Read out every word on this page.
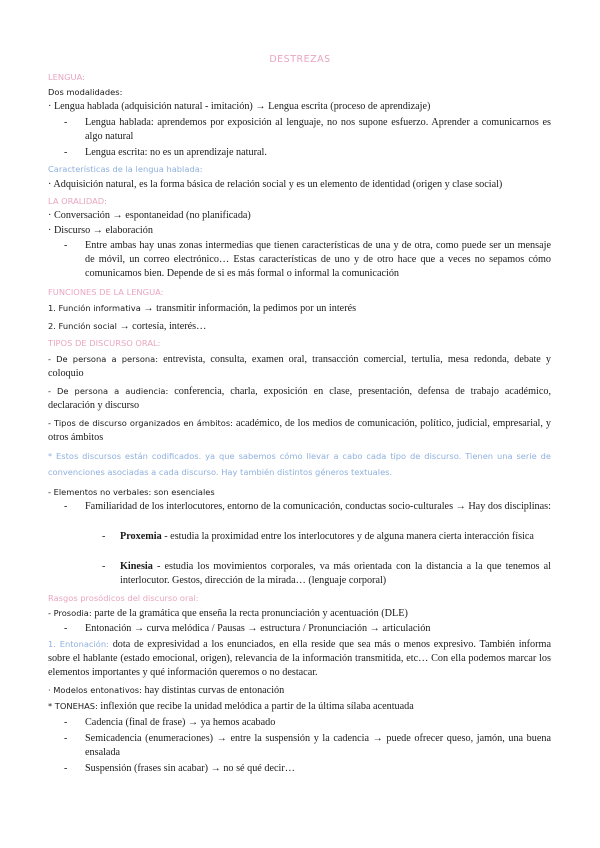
DESTREZAS
LENGUA:
Dos modalidades:
· Lengua hablada (adquisición natural - imitación) → Lengua escrita (proceso de aprendizaje)
- Lengua hablada: aprendemos por exposición al lenguaje, no nos supone esfuerzo. Aprender a comunicarnos es algo natural
- Lengua escrita: no es un aprendizaje natural.
Características de la lengua hablada:
· Adquisición natural, es la forma básica de relación social y es un elemento de identidad (origen y clase social)
LA ORALIDAD:
· Conversación → espontaneidad (no planificada)
· Discurso → elaboración
- Entre ambas hay unas zonas intermedias que tienen características de una y de otra, como puede ser un mensaje de móvil, un correo electrónico… Estas características de uno y de otro hace que a veces no sepamos cómo comunicamos bien. Depende de si es más formal o informal la comunicación
FUNCIONES DE LA LENGUA:
1. Función informativa → transmitir información, la pedimos por un interés
2. Función social → cortesía, interés…
TIPOS DE DISCURSO ORAL:
- De persona a persona: entrevista, consulta, examen oral, transacción comercial, tertulia, mesa redonda, debate y coloquio
- De persona a audiencia: conferencia, charla, exposición en clase, presentación, defensa de trabajo académico, declaración y discurso
- Tipos de discurso organizados en ámbitos: académico, de los medios de comunicación, político, judicial, empresarial, y otros ámbitos
* Estos discursos están codificados. ya que sabemos cómo llevar a cabo cada tipo de discurso. Tienen una serie de convenciones asociadas a cada discurso. Hay también distintos géneros textuales.
- Elementos no verbales: son esenciales
- Familiaridad de los interlocutores, entorno de la comunicación, conductas socio-culturales → Hay dos disciplinas:
- Proxemia - estudia la proximidad entre los interlocutores y de alguna manera cierta interacción física
- Kinesia - estudia los movimientos corporales, va más orientada con la distancia a la que tenemos al interlocutor. Gestos, dirección de la mirada… (lenguaje corporal)
Rasgos prosódicos del discurso oral:
- Prosodia: parte de la gramática que enseña la recta pronunciación y acentuación (DLE)
- Entonación → curva melódica / Pausas → estructura / Pronunciación → articulación
1. Entonación: dota de expresividad a los enunciados, en ella reside que sea más o menos expresivo. También informa sobre el hablante (estado emocional, origen), relevancia de la información transmitida, etc… Con ella podemos marcar los elementos importantes y qué información queremos o no destacar.
· Modelos entonativos: hay distintas curvas de entonación
* TONEHAS: inflexión que recibe la unidad melódica a partir de la última sílaba acentuada
- Cadencia (final de frase) → ya hemos acabado
- Semicadencia (enumeraciones) → entre la suspensión y la cadencia → puede ofrecer queso, jamón, una buena ensalada
- Suspensión (frases sin acabar) → no sé qué decir…
